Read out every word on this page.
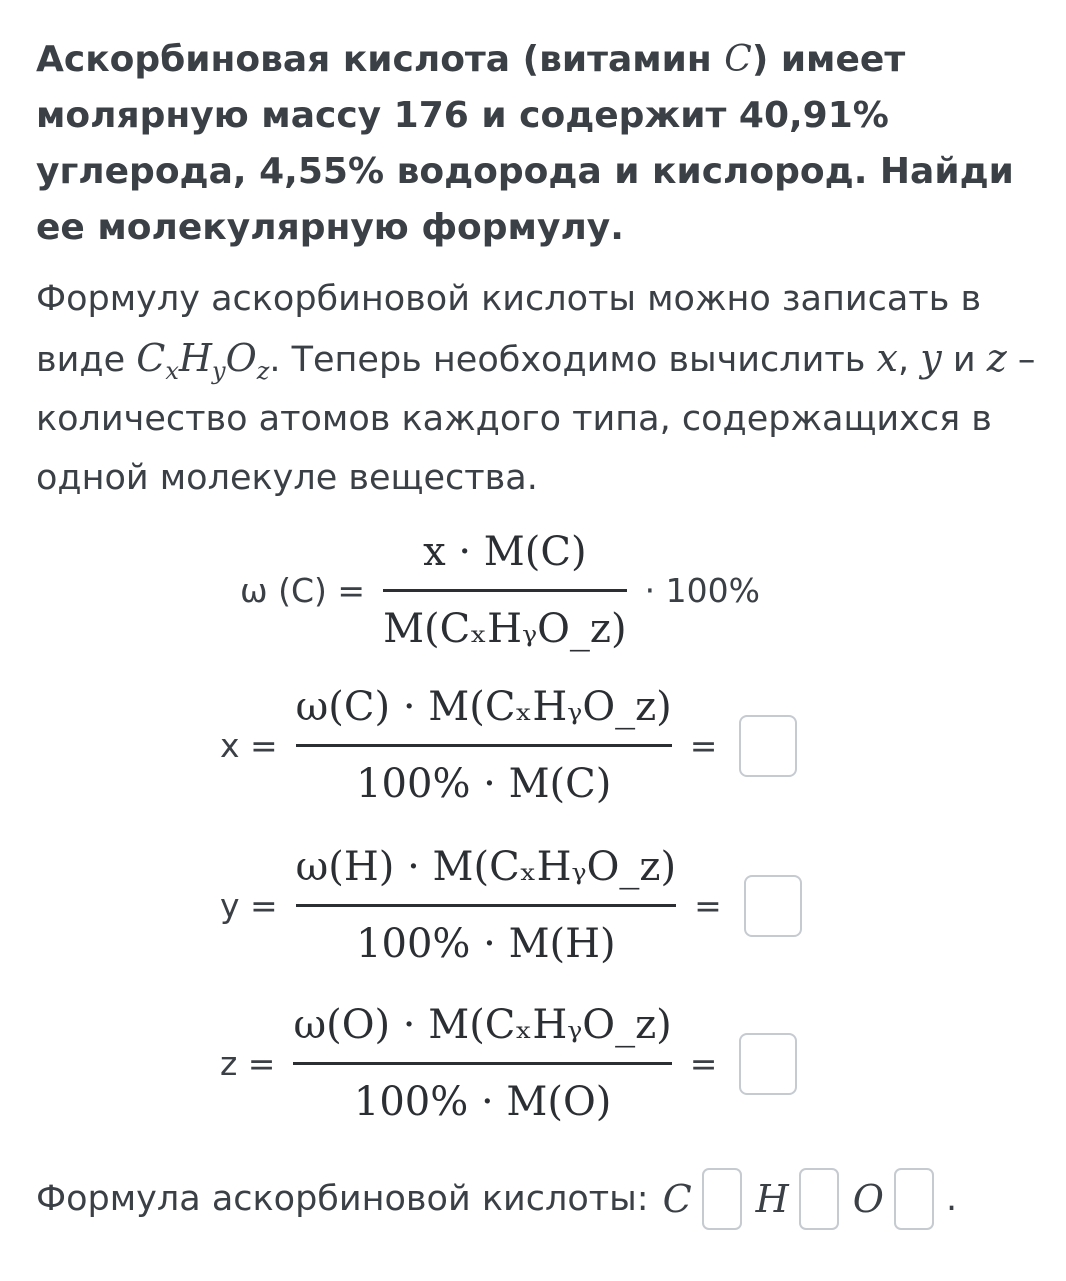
Аскорбиновая кислота (витамин C) имеет молярную массу 176 и содержит 40,91% углерода, 4,55% водорода и кислород. Найди ее молекулярную формулу.
Формулу аскорбиновой кислоты можно записать в виде $C_xH_yO_z$. Теперь необходимо вычислить x, y и z – количество атомов каждого типа, содержащихся в одной молекуле вещества.
ω $(C) = \frac{x \cdot M(C)}{\text{M(CₓHᵧO\_z)}} \cdot 100\%$
$x = \frac{\text{ω(C) · M(CₓHᵧO\_z)}}{100\% \cdot M(C)}$ =
$y = \frac{\text{ω(H) · M(CₓHᵧO\_z)}}{100\% \cdot M(H)}$ =
$z = \frac{\text{ω(O) · M(CₓHᵧO\_z)}}{100\% \cdot M(O)}$ =
Формула аскорбиновой кислоты: C H O .
